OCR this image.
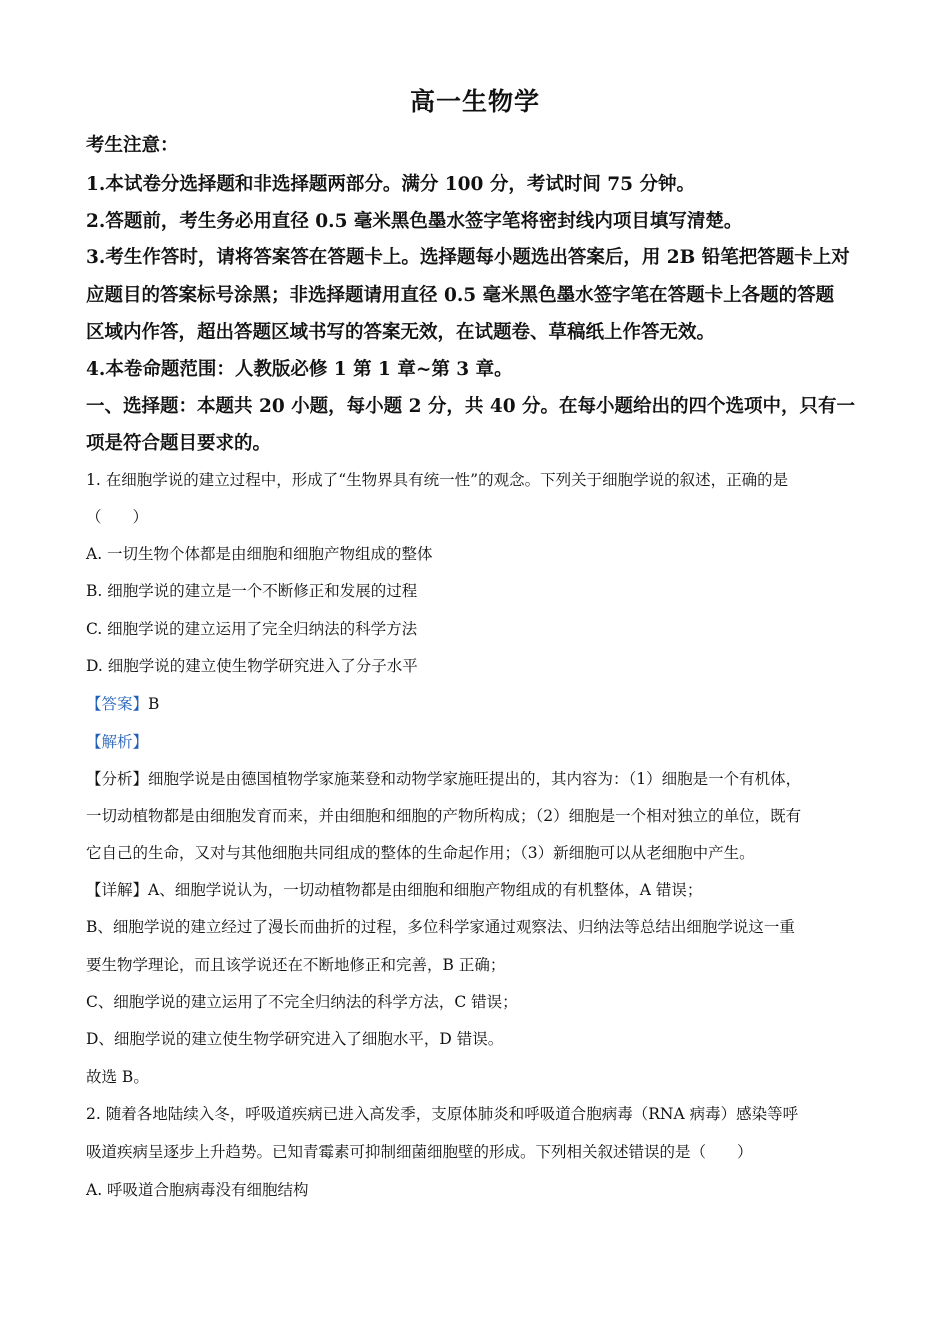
高一生物学
考生注意：
1.本试卷分选择题和非选择题两部分。满分 100 分，考试时间 75 分钟。
2.答题前，考生务必用直径 0.5 毫米黑色墨水签字笔将密封线内项目填写清楚。
3.考生作答时，请将答案答在答题卡上。选择题每小题选出答案后，用 2B 铅笔把答题卡上对
应题目的答案标号涂黑；非选择题请用直径 0.5 毫米黑色墨水签字笔在答题卡上各题的答题
区域内作答，超出答题区域书写的答案无效，在试题卷、草稿纸上作答无效。
4.本卷命题范围：人教版必修 1 第 1 章~第 3 章。
一、选择题：本题共 20 小题，每小题 2 分，共 40 分。在每小题给出的四个选项中，只有一
项是符合题目要求的。
1. 在细胞学说的建立过程中，形成了“生物界具有统一性”的观念。下列关于细胞学说的叙述，正确的是
（　　）
A. 一切生物个体都是由细胞和细胞产物组成的整体
B. 细胞学说的建立是一个不断修正和发展的过程
C. 细胞学说的建立运用了完全归纳法的科学方法
D. 细胞学说的建立使生物学研究进入了分子水平
【答案】B
【解析】
【分析】细胞学说是由德国植物学家施莱登和动物学家施旺提出的，其内容为：（1）细胞是一个有机体，
一切动植物都是由细胞发育而来，并由细胞和细胞的产物所构成；（2）细胞是一个相对独立的单位，既有
它自己的生命，又对与其他细胞共同组成的整体的生命起作用；（3）新细胞可以从老细胞中产生。
【详解】A、细胞学说认为，一切动植物都是由细胞和细胞产物组成的有机整体，A 错误；
B、细胞学说的建立经过了漫长而曲折的过程，多位科学家通过观察法、归纳法等总结出细胞学说这一重
要生物学理论，而且该学说还在不断地修正和完善，B 正确；
C、细胞学说的建立运用了不完全归纳法的科学方法，C 错误；
D、细胞学说的建立使生物学研究进入了细胞水平，D 错误。
故选 B。
2. 随着各地陆续入冬，呼吸道疾病已进入高发季，支原体肺炎和呼吸道合胞病毒（RNA 病毒）感染等呼
吸道疾病呈逐步上升趋势。已知青霉素可抑制细菌细胞壁的形成。下列相关叙述错误的是（　　）
A. 呼吸道合胞病毒没有细胞结构
